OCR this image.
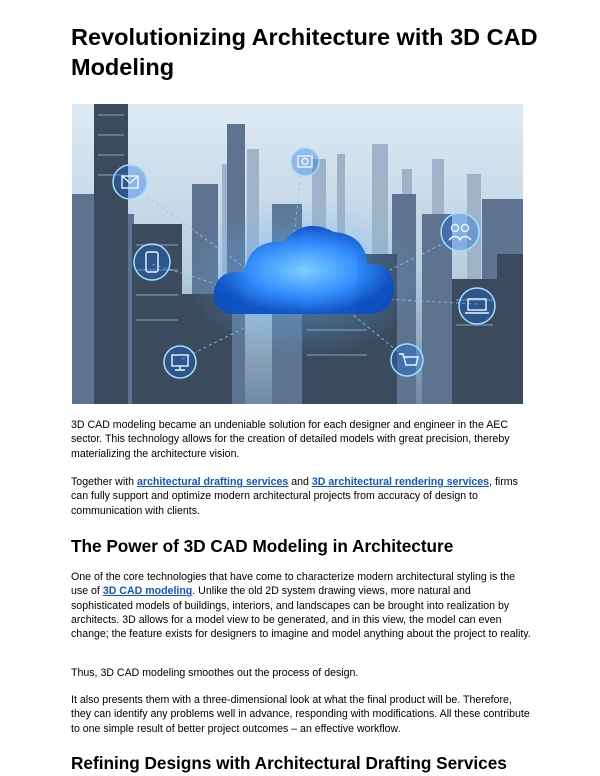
Revolutionizing Architecture with 3D CAD Modeling

3D CAD modeling became an undeniable solution for each designer and engineer in the AEC sector. This technology allows for the creation of detailed models with great precision, thereby materializing the architecture vision.

Together with architectural drafting services and 3D architectural rendering services, firms can fully support and optimize modern architectural projects from accuracy of design to communication with clients.

The Power of 3D CAD Modeling in Architecture

One of the core technologies that have come to characterize modern architectural styling is the use of 3D CAD modeling. Unlike the old 2D system drawing views, more natural and sophisticated models of buildings, interiors, and landscapes can be brought into realization by architects. 3D allows for a model view to be generated, and in this view, the model can even change; the feature exists for designers to imagine and model anything about the project to reality.

Thus, 3D CAD modeling smoothes out the process of design.

It also presents them with a three-dimensional look at what the final product will be. Therefore, they can identify any problems well in advance, responding with modifications. All these contribute to one simple result of better project outcomes – an effective workflow.

Refining Designs with Architectural Drafting Services
